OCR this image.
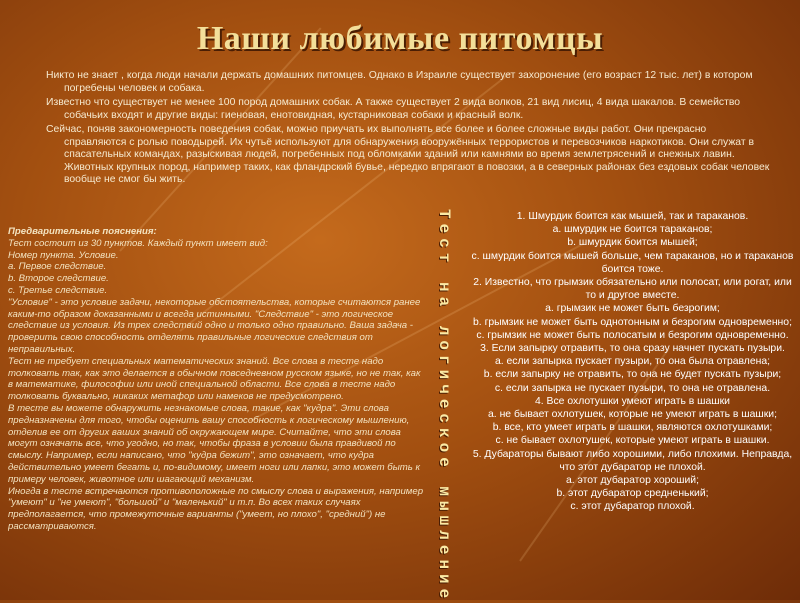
Наши любимые питомцы

Никто не знает , когда люди начали держать домашних питомцев. Однако в Израиле существует захоронение (его возраст 12 тыс. лет) в котором погребены человек и собака.

Известно что существует не менее 100 пород домашних собак. А также существует 2 вида волков, 21 вид лисиц, 4 вида шакалов. В семейство собачьих входят и другие виды: гиеновая, енотовидная, кустарниковая собаки и красный волк.

Сейчас, поняв закономерность поведения собак, можно приучать их выполнять все более и более сложные виды работ. Они прекрасно справляются с ролью поводырей. Их чутьё используют для обнаружения вооружённых террористов и перевозчиков наркотиков. Они служат в спасательных командах, разыскивая людей, погребенных под обломками зданий или камнями во время землетрясений и снежных лавин. Животных крупных пород, например таких, как фландрский бувье, нередко впрягают в повозки, а в северных районах без ездовых собак человек вообще не смог бы жить.

Предварительные пояснения:
Тест состоит из 30 пунктов. Каждый пункт имеет вид:
Номер пункта. Условие.
a. Первое следствие.
b. Второе следствие.
c. Третье следствие.
"Условие" - это условие задачи, некоторые обстоятельства, которые считаются ранее каким-то образом доказанными и всегда истинными. "Следствие" - это логическое следствие из условия. Из трех следствий одно и только одно правильно. Ваша задача - проверить свою способность отделять правильные логические следствия от неправильных.
Тест не требует специальных математических знаний. Все слова в тесте надо толковать так, как это делается в обычном повседневном русском языке, но не так, как в математике, философии или иной специальной области. Все слова в тесте надо толковать буквально, никаких метафор или намеков не предусмотрено.
В тесте вы можете обнаружить незнакомые слова, такие, как "кудра". Эти слова предназначены для того, чтобы оценить вашу способность к логическому мышлению, отделив ее от других ваших знаний об окружающем мире. Считайте, что эти слова могут означать все, что угодно, но так, чтобы фраза в условии была правдивой по смыслу. Например, если написано, что "кудра бежит", это означает, что кудра действительно умеет бегать и, по-видимому, имеет ноги или лапки, это может быть к примеру человек, животное или шагающий механизм.
Иногда в тесте встречаются противоположные по смыслу слова и выражения, например "умеют" и "не умеют", "большой" и "маленький" и т.п. Во всех таких случаях предполагается, что промежуточные варианты ("умеет, но плохо", "средний") не рассматриваются.	Тест на логическое мышление	1. Шмурдик боится как мышей, так и тараканов.
a. шмурдик не боится тараканов;
b. шмурдик боится мышей;
c. шмурдик боится мышей больше, чем тараканов, но и тараканов боится тоже.
2. Известно, что грымзик обязательно или полосат, или рогат, или то и другое вместе.
a. грымзик не может быть безрогим;
b. грымзик не может быть однотонным и безрогим одновременно;
c. грымзик не может быть полосатым и безрогим одновременно.
3. Если запырку отравить, то она сразу начнет пускать пузыри.
a. если запырка пускает пузыри, то она была отравлена;
b. если запырку не отравить, то она не будет пускать пузыри;
c. если запырка не пускает пузыри, то она не отравлена.
4. Все охлотушки умеют играть в шашки
a. не бывает охлотушек, которые не умеют играть в шашки;
b. все, кто умеет играть в шашки, являются охлотушками;
c. не бывает охлотушек, которые умеют играть в шашки.
5. Дубараторы бывают либо хорошими, либо плохими. Неправда, что этот дубаратор не плохой.
a. этот дубаратор хороший;
b. этот дубаратор средненький;
c. этот дубаратор плохой.
